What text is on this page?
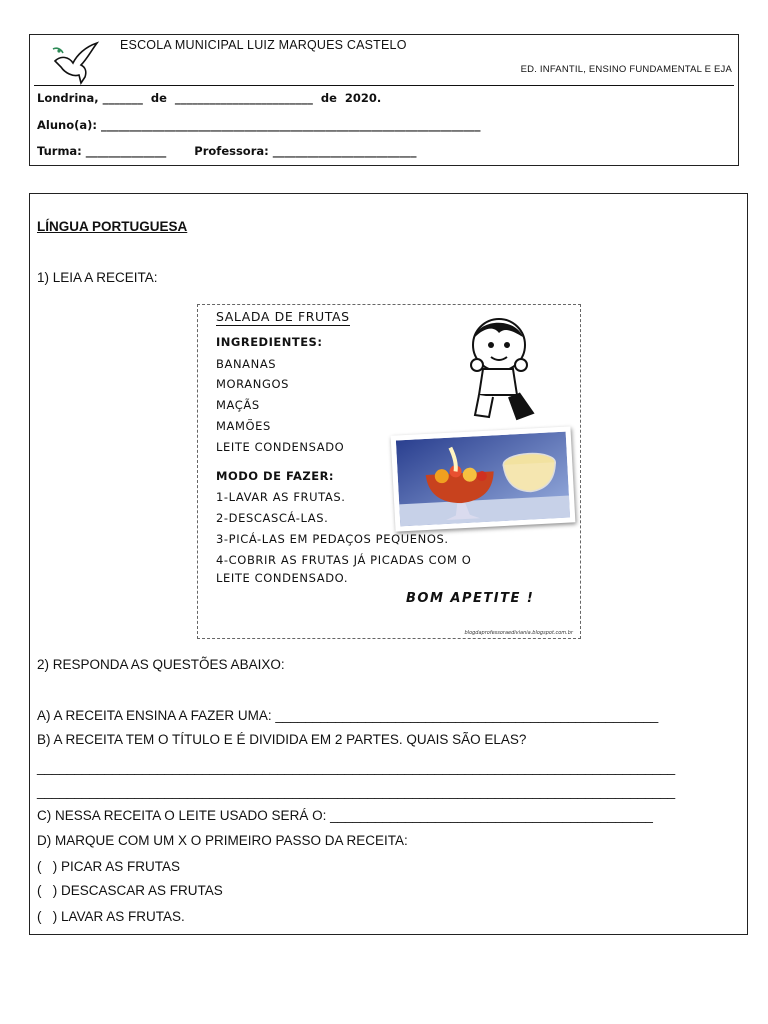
ESCOLA MUNICIPAL LUIZ MARQUES CASTELO
ED. INFANTIL, ENSINO FUNDAMENTAL E EJA
Londrina, _______  de  ________________________  de  2020.
Aluno(a): __________________________________________________________________
Turma: ______________       Professora: _________________________
LÍNGUA PORTUGUESA
1) LEIA A RECEITA:
SALADA DE FRUTAS
INGREDIENTES:
BANANAS
MORANGOS
MAÇÃS
MAMÕES
LEITE CONDENSADO
MODO DE FAZER:
1-LAVAR AS FRUTAS.
2-DESCASCÁ-LAS.
3-PICÁ-LAS EM PEDAÇOS PEQUENOS.
4-COBRIR AS FRUTAS JÁ PICADAS COM O
LEITE CONDENSADO.
BOM APETITE !
blogdaprofessoraediviania.blogspot.com.br
2) RESPONDA AS QUESTÕES ABAIXO:
A) A RECEITA ENSINA A FAZER UMA: ___________________________________________________
B) A RECEITA TEM O TÍTULO E É DIVIDIDA EM 2 PARTES. QUAIS SÃO ELAS?
_____________________________________________________________________________________
_____________________________________________________________________________________
C) NESSA RECEITA O LEITE USADO SERÁ O: ___________________________________________
D) MARQUE COM UM X O PRIMEIRO PASSO DA RECEITA:
(   ) PICAR AS FRUTAS
(   ) DESCASCAR AS FRUTAS
(   ) LAVAR AS FRUTAS.
